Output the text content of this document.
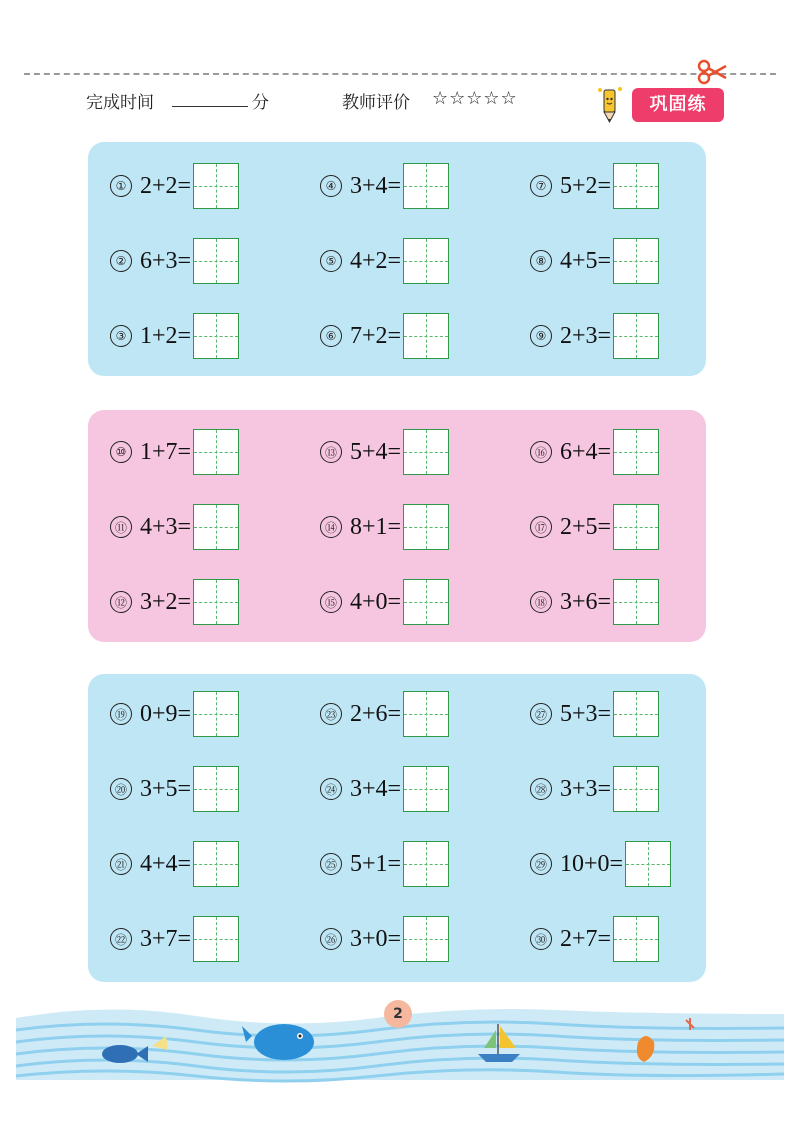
完成时间	分	教师评价 ☆☆☆☆☆	巩固练
① 2+2=
② 6+3=
③ 1+2=
④ 3+4=
⑤ 4+2=
⑥ 7+2=
⑦ 5+2=
⑧ 4+5=
⑨ 2+3=
⑩ 1+7=
⑪ 4+3=
⑫ 3+2=
⑬ 5+4=
⑭ 8+1=
⑮ 4+0=
⑯ 6+4=
⑰ 2+5=
⑱ 3+6=
⑲ 0+9=
⑳ 3+5=
㉑ 4+4=
㉒ 3+7=
㉓ 2+6=
㉔ 3+4=
㉕ 5+1=
㉖ 3+0=
㉗ 5+3=
㉘ 3+3=
㉙ 10+0=
㉚ 2+7=
2
